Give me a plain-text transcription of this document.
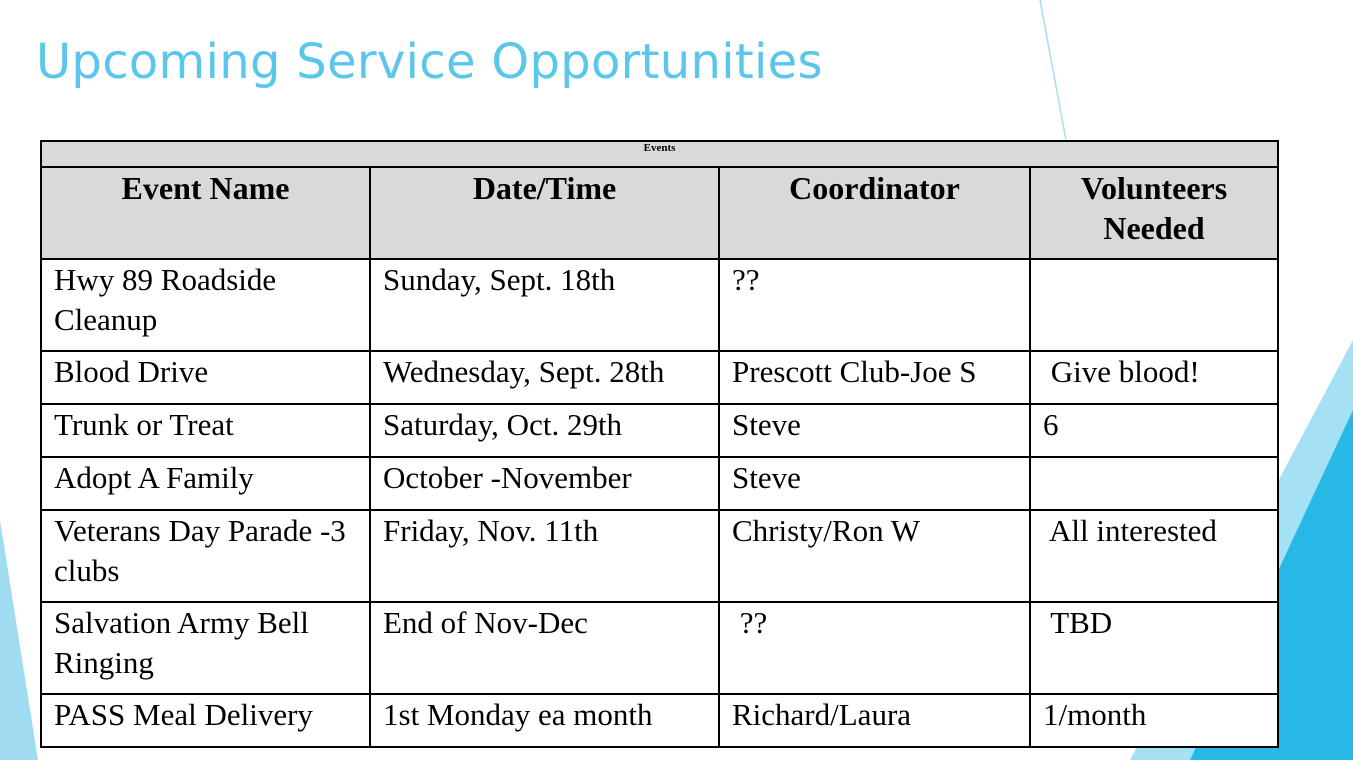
Upcoming Service Opportunities
Events			
Event Name	Date/Time	Coordinator	Volunteers Needed
Hwy 89 Roadside Cleanup	Sunday, Sept. 18th	??	
Blood Drive	Wednesday, Sept. 28th	Prescott Club-Joe S	Give blood!
Trunk or Treat	Saturday, Oct. 29th	Steve	6
Adopt A Family	October -November	Steve	
Veterans Day Parade -3 clubs	Friday, Nov. 11th	Christy/Ron W	All interested
Salvation Army Bell Ringing	End of Nov-Dec	??	TBD
PASS Meal Delivery	1st Monday ea month	Richard/Laura	1/month
